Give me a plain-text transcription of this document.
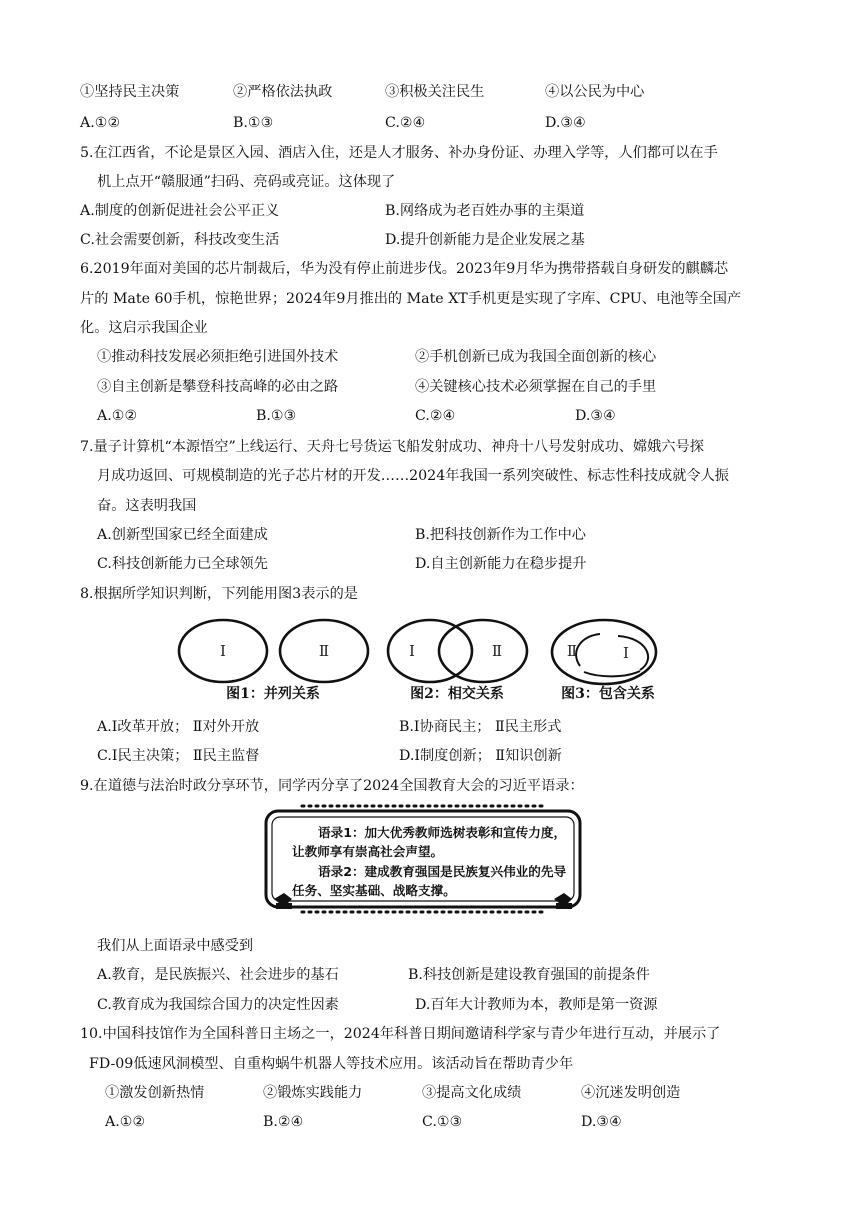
①坚持民主决策	②严格依法执政	③积极关注民生	④以公民为中心
A.①②	B.①③	C.②④	D.③④
5.在江西省，不论是景区入园、酒店入住，还是人才服务、补办身份证、办理入学等，人们都可以在手
机上点开“赣服通”扫码、亮码或亮证。这体现了
A.制度的创新促进社会公平正义	B.网络成为老百姓办事的主渠道
C.社会需要创新，科技改变生活	D.提升创新能力是企业发展之基
6.2019年面对美国的芯片制裁后，华为没有停止前进步伐。2023年9月华为携带搭载自身研发的麒麟芯
片的 Mate 60手机，惊艳世界；2024年9月推出的 Mate XT手机更是实现了字库、CPU、电池等全国产
化。这启示我国企业
①推动科技发展必须拒绝引进国外技术	②手机创新已成为我国全面创新的核心
③自主创新是攀登科技高峰的必由之路	④关键核心技术必须掌握在自己的手里
A.①②	B.①③	C.②④	D.③④
7.量子计算机“本源悟空”上线运行、天舟七号货运飞船发射成功、神舟十八号发射成功、嫦娥六号探
月成功返回、可规模制造的光子芯片材的开发……2024年我国一系列突破性、标志性科技成就令人振
奋。这表明我国
A.创新型国家已经全面建成	B.把科技创新作为工作中心
C.科技创新能力已全球领先	D.自主创新能力在稳步提升
8.根据所学知识判断，下列能用图3表示的是
Ⅰ	Ⅱ	Ⅰ	Ⅱ	Ⅱ	Ⅰ
图1：并列关系	图2：相交关系	图3：包含关系
A.Ⅰ改革开放； Ⅱ对外开放	B.Ⅰ协商民主； Ⅱ民主形式
C.Ⅰ民主决策； Ⅱ民主监督	D.Ⅰ制度创新； Ⅱ知识创新
9.在道德与法治时政分享环节，同学丙分享了2024全国教育大会的习近平语录：
语录1：加大优秀教师选树表彰和宣传力度，
让教师享有崇高社会声望。
语录2：建成教育强国是民族复兴伟业的先导
任务、坚实基础、战略支撑。
我们从上面语录中感受到
A.教育，是民族振兴、社会进步的基石	B.科技创新是建设教育强国的前提条件
C.教育成为我国综合国力的决定性因素	D.百年大计教师为本，教师是第一资源
10.中国科技馆作为全国科普日主场之一，2024年科普日期间邀请科学家与青少年进行互动，并展示了
FD-09低速风洞模型、自重构蜗牛机器人等技术应用。该活动旨在帮助青少年
①激发创新热情	②锻炼实践能力	③提高文化成绩	④沉迷发明创造
A.①②	B.②④	C.①③	D.③④
